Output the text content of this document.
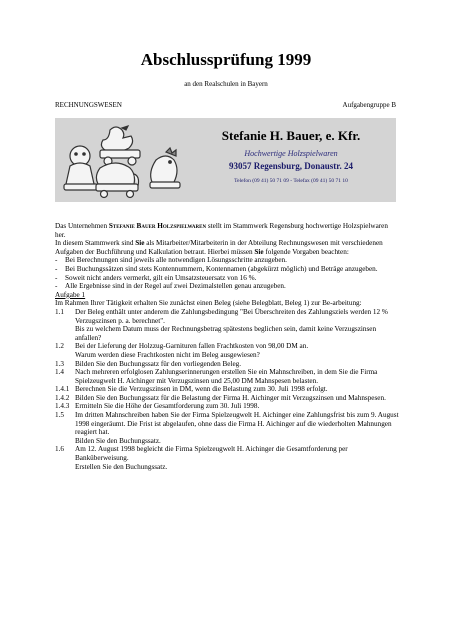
Abschlussprüfung 1999
an den Realschulen in Bayern
RECHNUNGSWESEN	Aufgabengruppe B
Stefanie H. Bauer, e. Kfr.
Hochwertige Holzspielwaren
93057 Regensburg, Donaustr. 24
Telefon (09 41) 50 71 09 - Telefax (09 41) 50 71 10

Das Unternehmen Stefanie Bauer Holzspielwaren stellt im Stammwerk Regensburg hochwertige Holzspielwaren her.

In diesem Stammwerk sind Sie als Mitarbeiter/Mitarbeiterin in der Abteilung Rechnungswesen mit verschiedenen Aufgaben der Buchführung und Kalkulation betraut. Hierbei müssen Sie folgende Vorgaben beachten:

-	Bei Berechnungen sind jeweils alle notwendigen Lösungsschritte anzugeben.
-	Bei Buchungssätzen sind stets Kontennummern, Kontennamen (abgekürzt möglich) und Beträge anzugeben.
-	Soweit nicht anders vermerkt, gilt ein Umsatzsteuersatz von 16 %.
-	Alle Ergebnisse sind in der Regel auf zwei Dezimalstellen genau anzugeben.

Aufgabe 1

Im Rahmen Ihrer Tätigkeit erhalten Sie zunächst einen Beleg (siehe Belegblatt, Beleg 1) zur Be-arbeitung:

1.1	Der Beleg enthält unter anderem die Zahlungsbedingung "Bei Überschreiten des Zahlungsziels werden 12 % Verzugszinsen p. a. berechnet".
Bis zu welchem Datum muss der Rechnungsbetrag spätestens beglichen sein, damit keine Verzugszinsen anfallen?
1.2	Bei der Lieferung der Holzzug-Garnituren fallen Frachtkosten von 98,00 DM an.
Warum werden diese Frachtkosten nicht im Beleg ausgewiesen?
1.3	Bilden Sie den Buchungssatz für den vorliegenden Beleg.
1.4	Nach mehreren erfolglosen Zahlungserinnerungen erstellen Sie ein Mahnschreiben, in dem Sie die Firma Spielzeugwelt H. Aichinger mit Verzugszinsen und 25,00 DM Mahnspesen belasten.
1.4.1 Berechnen Sie die Verzugszinsen in DM, wenn die Belastung zum 30. Juli 1998 erfolgt.
1.4.2 Bilden Sie den Buchungssatz für die Belastung der Firma H. Aichinger mit Verzugszinsen und Mahnspesen.
1.4.3 Ermitteln Sie die Höhe der Gesamtforderung zum 30. Juli 1998.
1.5	Im dritten Mahnschreiben haben Sie der Firma Spielzeugwelt H. Aichinger eine Zahlungsfrist bis zum 9. August 1998 eingeräumt. Die Frist ist abgelaufen, ohne dass die Firma H. Aichinger auf die wiederholten Mahnungen reagiert hat.
Bilden Sie den Buchungssatz.
1.6	Am 12. August 1998 begleicht die Firma Spielzeugwelt H. Aichinger die Gesamtforderung per Banküberweisung.
Erstellen Sie den Buchungssatz.
